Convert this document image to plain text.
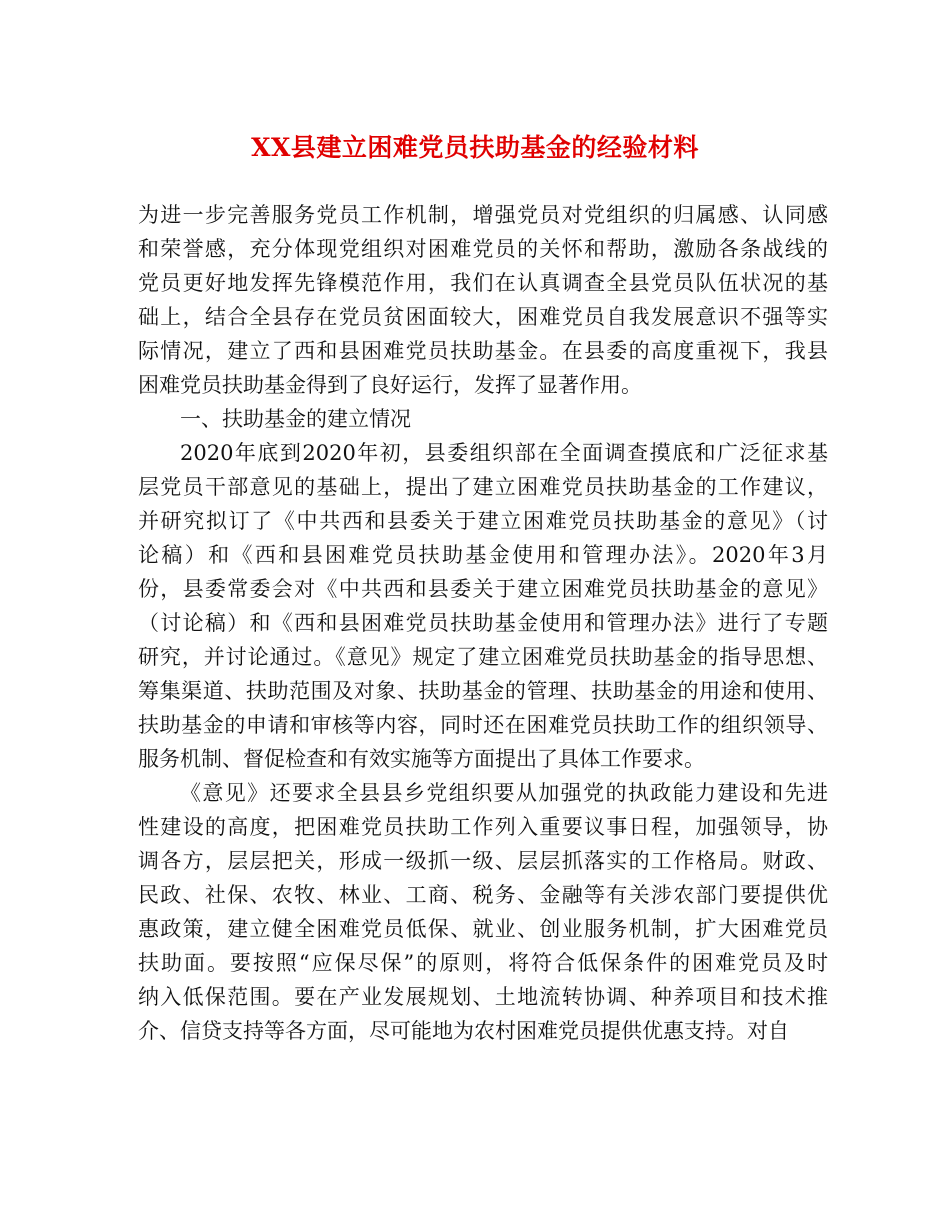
XX县建立困难党员扶助基金的经验材料
为进一步完善服务党员工作机制，增强党员对党组织的归属感、认同感
和荣誉感，充分体现党组织对困难党员的关怀和帮助，激励各条战线的
党员更好地发挥先锋模范作用，我们在认真调查全县党员队伍状况的基
础上，结合全县存在党员贫困面较大，困难党员自我发展意识不强等实
际情况，建立了西和县困难党员扶助基金。在县委的高度重视下，我县
困难党员扶助基金得到了良好运行，发挥了显著作用。
一、扶助基金的建立情况
2020年底到2020年初，县委组织部在全面调查摸底和广泛征求基
层党员干部意见的基础上，提出了建立困难党员扶助基金的工作建议，
并研究拟订了《中共西和县委关于建立困难党员扶助基金的意见》（讨
论稿）和《西和县困难党员扶助基金使用和管理办法》。2020年3月
份，县委常委会对《中共西和县委关于建立困难党员扶助基金的意见》
（讨论稿）和《西和县困难党员扶助基金使用和管理办法》进行了专题
研究，并讨论通过。《意见》规定了建立困难党员扶助基金的指导思想、
筹集渠道、扶助范围及对象、扶助基金的管理、扶助基金的用途和使用、
扶助基金的申请和审核等内容，同时还在困难党员扶助工作的组织领导、
服务机制、督促检查和有效实施等方面提出了具体工作要求。
《意见》还要求全县县乡党组织要从加强党的执政能力建设和先进
性建设的高度，把困难党员扶助工作列入重要议事日程，加强领导，协
调各方，层层把关，形成一级抓一级、层层抓落实的工作格局。财政、
民政、社保、农牧、林业、工商、税务、金融等有关涉农部门要提供优
惠政策，建立健全困难党员低保、就业、创业服务机制，扩大困难党员
扶助面。要按照“应保尽保”的原则，将符合低保条件的困难党员及时
纳入低保范围。要在产业发展规划、土地流转协调、种养项目和技术推
介、信贷支持等各方面，尽可能地为农村困难党员提供优惠支持。对自
